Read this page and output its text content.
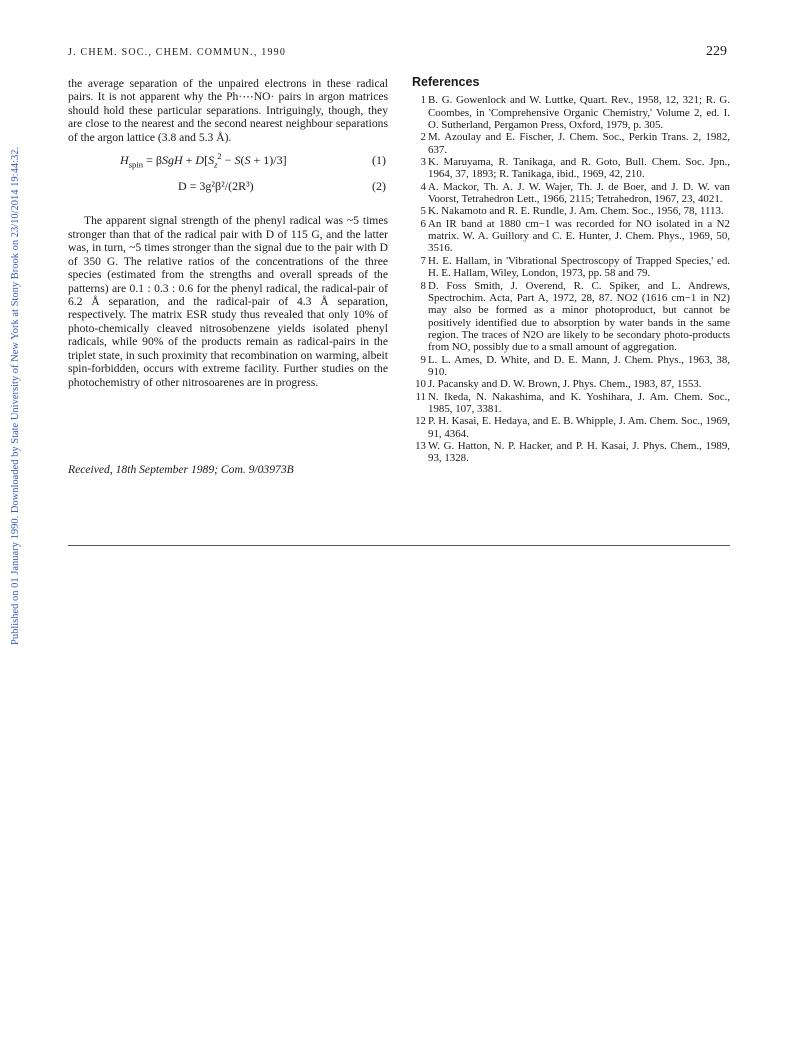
Published on 01 January 1990. Downloaded by State University of New York at Stony Brook on 23/10/2014 19:44:32.
J. CHEM. SOC., CHEM. COMMUN., 1990	229

the average separation of the unpaired electrons in these radical pairs. It is not apparent why the Ph·⋯NO· pairs in argon matrices should hold these particular separations. Intriguingly, though, they are close to the nearest and the second nearest neighbour separations of the argon lattice (3.8 and 5.3 Å).

$H_{spin} = \beta SgH + D[S_z^2 - S(S + 1)/3]$	(1)
D = 3g²β²/(2R³)	(2)

The apparent signal strength of the phenyl radical was ~5 times stronger than that of the radical pair with D of 115 G, and the latter was, in turn, ~5 times stronger than the signal due to the pair with D of 350 G. The relative ratios of the concentrations of the three species (estimated from the strengths and overall spreads of the patterns) are 0.1 : 0.3 : 0.6 for the phenyl radical, the radical-pair of 6.2 Å separation, and the radical-pair of 4.3 Å separation, respectively. The matrix ESR study thus revealed that only 10% of photo-chemically cleaved nitrosobenzene yields isolated phenyl radicals, while 90% of the products remain as radical-pairs in the triplet state, in such proximity that recombination on warming, albeit spin-forbidden, occurs with extreme facility. Further studies on the photochemistry of other nitrosoarenes are in progress.

Received, 18th September 1989; Com. 9/03973B
References

1 B. G. Gowenlock and W. Luttke, Quart. Rev., 1958, 12, 321; R. G. Coombes, in 'Comprehensive Organic Chemistry,' Volume 2, ed. I. O. Sutherland, Pergamon Press, Oxford, 1979, p. 305.

2 M. Azoulay and E. Fischer, J. Chem. Soc., Perkin Trans. 2, 1982, 637.

3 K. Maruyama, R. Tanikaga, and R. Goto, Bull. Chem. Soc. Jpn., 1964, 37, 1893; R. Tanikaga, ibid., 1969, 42, 210.

4 A. Mackor, Th. A. J. W. Wajer, Th. J. de Boer, and J. D. W. van Voorst, Tetrahedron Lett., 1966, 2115; Tetrahedron, 1967, 23, 4021.

5 K. Nakamoto and R. E. Rundle, J. Am. Chem. Soc., 1956, 78, 1113.

6 An IR band at 1880 cm−1 was recorded for NO isolated in a N2 matrix. W. A. Guillory and C. E. Hunter, J. Chem. Phys., 1969, 50, 3516.

7 H. E. Hallam, in 'Vibrational Spectroscopy of Trapped Species,' ed. H. E. Hallam, Wiley, London, 1973, pp. 58 and 79.

8 D. Foss Smith, J. Overend, R. C. Spiker, and L. Andrews, Spectrochim. Acta, Part A, 1972, 28, 87. NO2 (1616 cm−1 in N2) may also be formed as a minor photoproduct, but cannot be positively identified due to absorption by water bands in the same region. The traces of N2O are likely to be secondary photo-products from NO, possibly due to a small amount of aggregation.

9 L. L. Ames, D. White, and D. E. Mann, J. Chem. Phys., 1963, 38, 910.

10 J. Pacansky and D. W. Brown, J. Phys. Chem., 1983, 87, 1553.

11 N. Ikeda, N. Nakashima, and K. Yoshihara, J. Am. Chem. Soc., 1985, 107, 3381.

12 P. H. Kasai, E. Hedaya, and E. B. Whipple, J. Am. Chem. Soc., 1969, 91, 4364.

13 W. G. Hatton, N. P. Hacker, and P. H. Kasai, J. Phys. Chem., 1989, 93, 1328.
